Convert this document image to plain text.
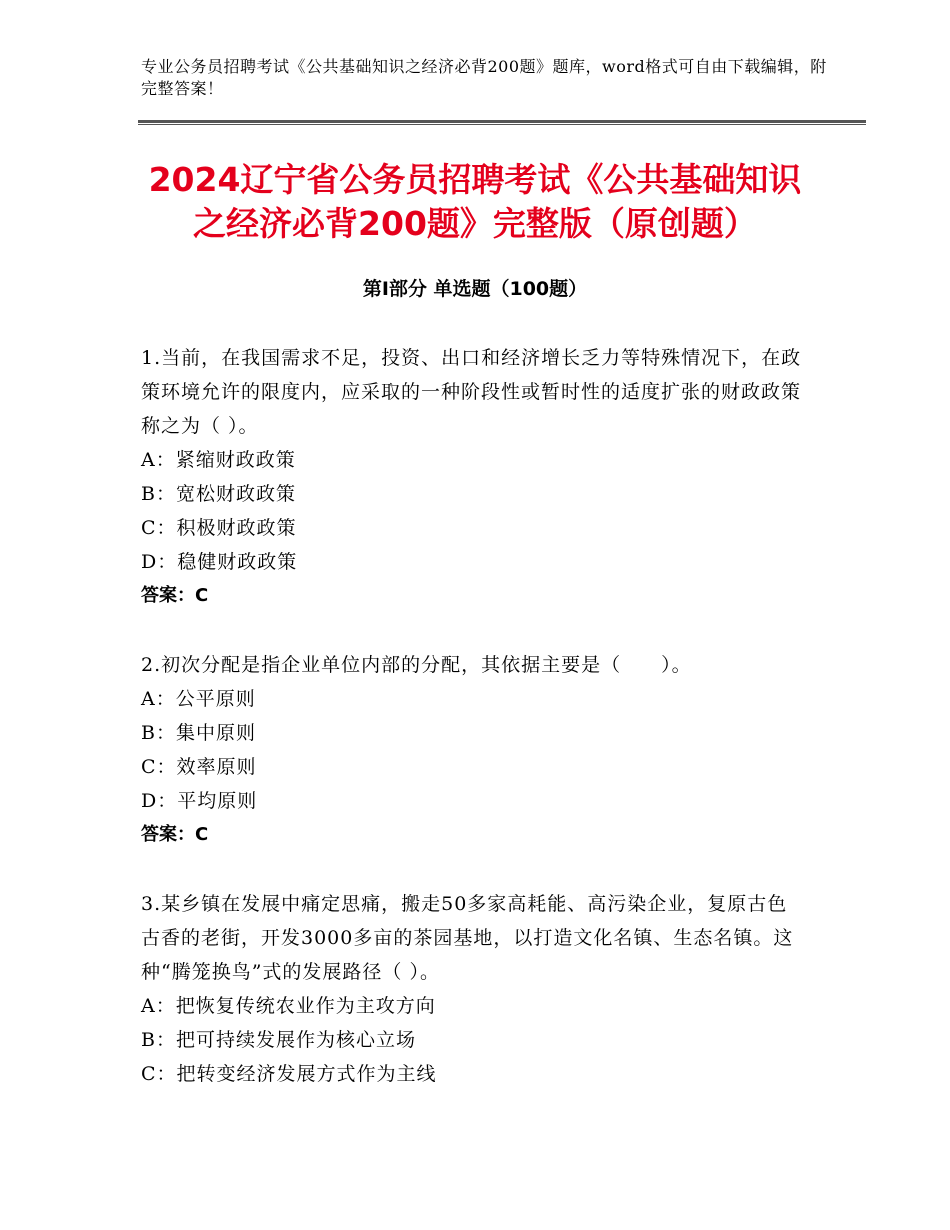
专业公务员招聘考试《公共基础知识之经济必背200题》题库，word格式可自由下载编辑，附完整答案！
2024辽宁省公务员招聘考试《公共基础知识
之经济必背200题》完整版（原创题）
第Ⅰ部分 单选题（100题）
1.当前，在我国需求不足，投资、出口和经济增长乏力等特殊情况下，在政策环境允许的限度内，应采取的一种阶段性或暂时性的适度扩张的财政政策称之为（ ）。
A：紧缩财政政策
B：宽松财政政策
C：积极财政政策
D：稳健财政政策
答案：C
2.初次分配是指企业单位内部的分配，其依据主要是（　　）。
A：公平原则
B：集中原则
C：效率原则
D：平均原则
答案：C
3.某乡镇在发展中痛定思痛，搬走50多家高耗能、高污染企业，复原古色古香的老街，开发3000多亩的茶园基地，以打造文化名镇、生态名镇。这种“腾笼换鸟”式的发展路径（ ）。
A：把恢复传统农业作为主攻方向
B：把可持续发展作为核心立场
C：把转变经济发展方式作为主线
